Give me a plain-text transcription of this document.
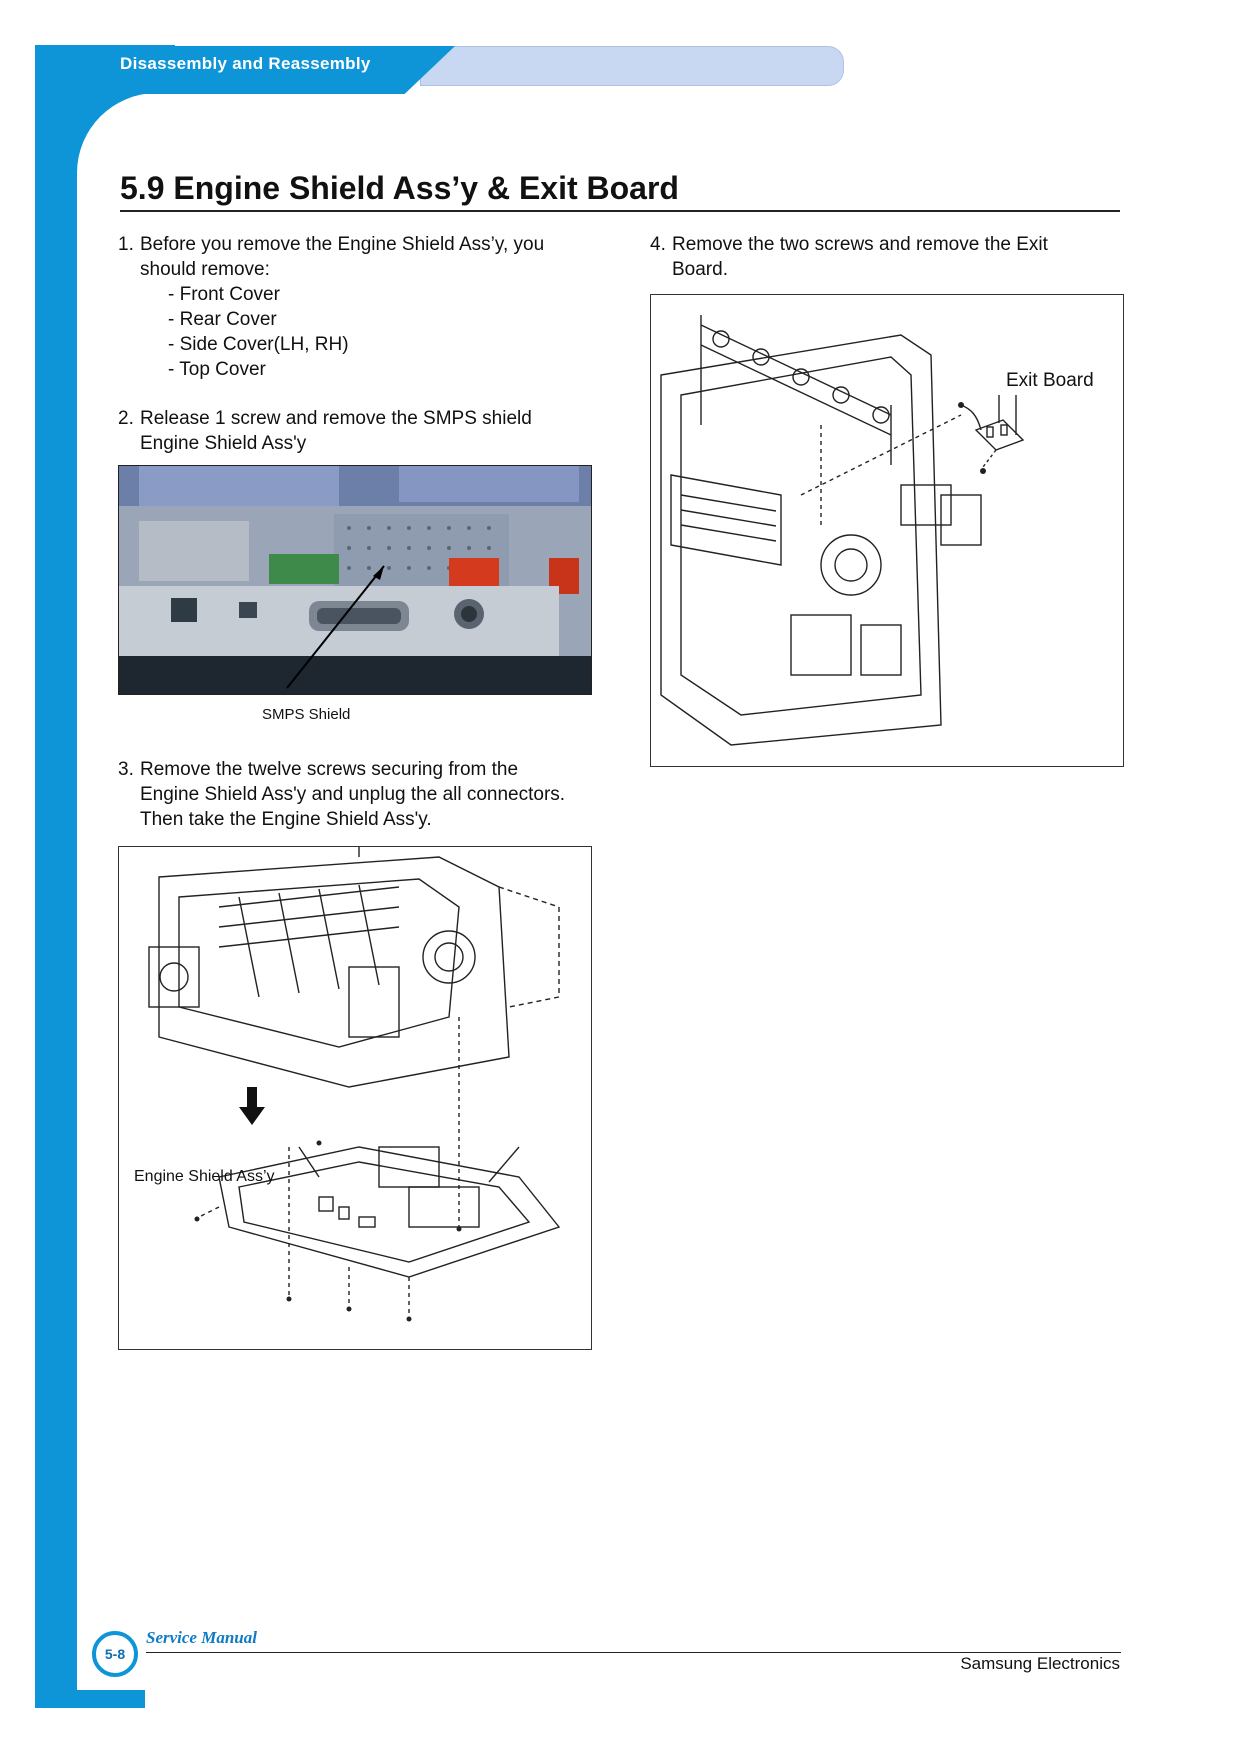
Disassembly and Reassembly
5.9 Engine Shield Ass’y & Exit Board
1. Before you remove the Engine Shield Ass’y, you
should remove:
- Front Cover
- Rear Cover
- Side Cover(LH, RH)
- Top Cover
2. Release 1 screw and remove the SMPS shield
Engine Shield Ass'y
SMPS Shield
3. Remove the twelve screws securing from the
Engine Shield Ass'y and unplug the all connectors.
Then take the Engine Shield Ass'y.
Engine Shield Ass’y
4. Remove the two screws and remove the Exit
Board.
Exit Board
5-8
Service Manual
Samsung Electronics
